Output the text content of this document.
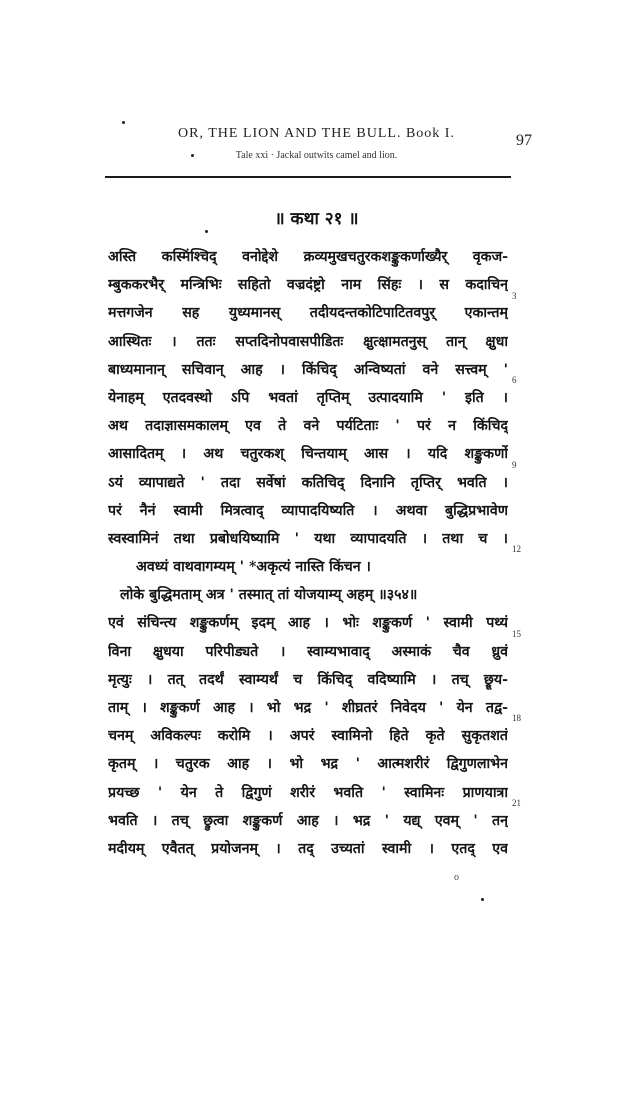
OR, THE LION AND THE BULL. Book I.	97
Tale xxi · Jackal outwits camel and lion.
॥ कथा २१ ॥
अस्ति कस्मिंश्चिद् वनोद्देशे क्रव्यमुखचतुरकशङ्कुकर्णाख्यैर् वृकज-
म्बुककरभैर् मन्त्रिभिः सहितो वज्रदंष्ट्रो नाम सिंहः । स कदाचिन्
मत्तगजेन सह युध्यमानस् तदीयदन्तकोटिपाटितवपुर् एकान्तम्
आस्थितः । ततः सप्तदिनोपवासपीडितः क्षुत्क्षामतनुस् तान् क्षुधा
बाध्यमानान् सचिवान् आह । किंचिद् अन्विष्यतां वने सत्त्वम् '
येनाहम् एतदवस्थो ऽपि भवतां तृप्तिम् उत्पादयामि ' इति ।
अथ तदाज्ञासमकालम् एव ते वने पर्यटिताः ' परं न किंचिद्
आसादितम् । अथ चतुरकश् चिन्तयाम् आस । यदि शङ्कुकर्णो
ऽयं व्यापाद्यते ' तदा सर्वेषां कतिचिद् दिनानि तृप्तिर् भवति ।
परं नैनं स्वामी मित्रत्वाद् व्यापादयिष्यति । अथवा बुद्धिप्रभावेण
स्वस्वामिनं तथा प्रबोधयिष्यामि ' यथा व्यापादयति । तथा च ।
अवध्यं वाथवागम्यम् ' *अकृत्यं नास्ति किंचन ।
लोके बुद्धिमताम् अत्र ' तस्मात् तां योजयाम्य् अहम् ॥३५४॥
एवं संचिन्त्य शङ्कुकर्णम् इदम् आह । भोः शङ्कुकर्ण ' स्वामी पथ्यं
विना क्षुधया परिपीड्यते । स्वाम्यभावाद् अस्माकं चैव ध्रुवं
मृत्युः । तत् तदर्थं स्वाम्यर्थं च किंचिद् वदिष्यामि । तच् छ्रूय-
ताम् । शङ्कुकर्ण आह । भो भद्र ' शीघ्रतरं निवेदय ' येन तद्व-
चनम् अविकल्पः करोमि । अपरं स्वामिनो हिते कृते सुकृतशतं
कृतम् । चतुरक आह । भो भद्र ' आत्मशरीरं द्विगुणलाभेन
प्रयच्छ ' येन ते द्विगुणं शरीरं भवति ' स्वामिनः प्राणयात्रा
भवति । तच् छ्रुत्वा शङ्कुकर्ण आह । भद्र ' यद्य् एवम् ' तन्
मदीयम् एवैतत् प्रयोजनम् । तद् उच्यतां स्वामी । एतद् एव
3
6
9
12
15
18
21
o
